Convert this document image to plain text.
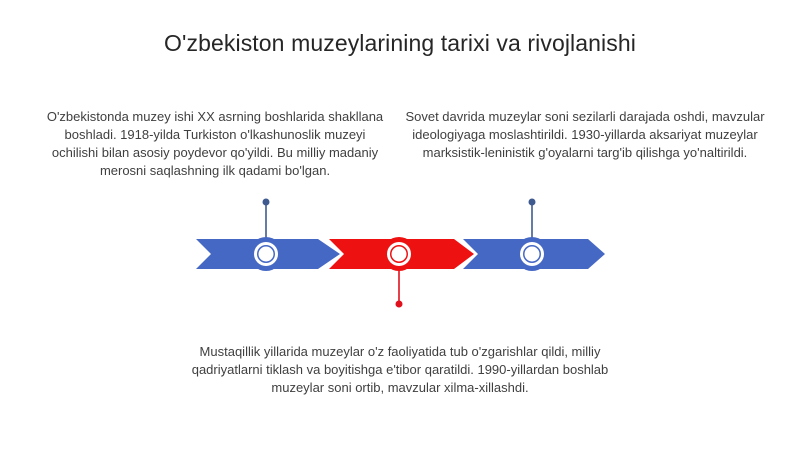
O'zbekiston muzeylarining tarixi va rivojlanishi
O'zbekistonda muzey ishi XX asrning boshlarida shakllana boshladi. 1918-yilda Turkiston o'lkashunoslik muzeyi ochilishi bilan asosiy poydevor qo'yildi. Bu milliy madaniy merosni saqlashning ilk qadami bo'lgan.
Sovet davrida muzeylar soni sezilarli darajada oshdi, mavzular ideologiyaga moslashtirildi. 1930-yillarda aksariyat muzeylar marksistik-leninistik g'oyalarni targ'ib qilishga yo'naltirildi.
Mustaqillik yillarida muzeylar o'z faoliyatida tub o'zgarishlar qildi, milliy qadriyatlarni tiklash va boyitishga e'tibor qaratildi. 1990-yillardan boshlab muzeylar soni ortib, mavzular xilma-xillashdi.
